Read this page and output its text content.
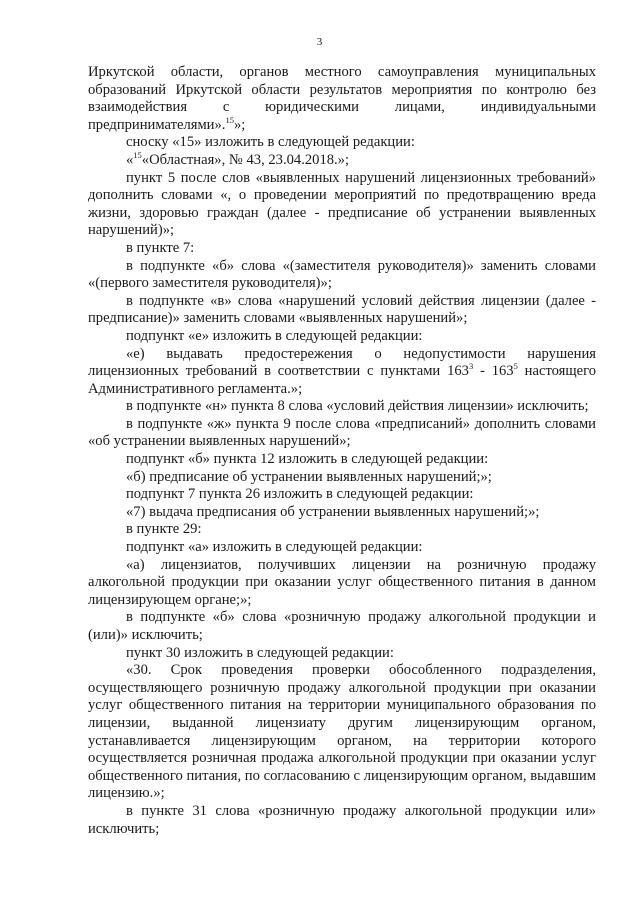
3

Иркутской области, органов местного самоуправления муниципальных образований Иркутской области результатов мероприятия по контролю без взаимодействия с юридическими лицами, индивидуальными предпринимателями».$^{15}$»;

сноску «15» изложить в следующей редакции:

«$^{15}$«Областная», № 43, 23.04.2018.»;

пункт 5 после слов «выявленных нарушений лицензионных требований» дополнить словами «, о проведении мероприятий по предотвращению вреда жизни, здоровью граждан (далее - предписание об устранении выявленных нарушений)»;

в пункте 7:

в подпункте «б» слова «(заместителя руководителя)» заменить словами «(первого заместителя руководителя)»;

в подпункте «в» слова «нарушений условий действия лицензии (далее - предписание)» заменить словами «выявленных нарушений»;

подпункт «е» изложить в следующей редакции:

«е) выдавать предостережения о недопустимости нарушения лицензионных требований в соответствии с пунктами $163^3 - 163^5$ настоящего Административного регламента.»;

в подпункте «н» пункта 8 слова «условий действия лицензии» исключить;

в подпункте «ж» пункта 9 после слова «предписаний» дополнить словами «об устранении выявленных нарушений»;

подпункт «б» пункта 12 изложить в следующей редакции:

«б) предписание об устранении выявленных нарушений;»;

подпункт 7 пункта 26 изложить в следующей редакции:

«7) выдача предписания об устранении выявленных нарушений;»;

в пункте 29:

подпункт «а» изложить в следующей редакции:

«а) лицензиатов, получивших лицензии на розничную продажу алкогольной продукции при оказании услуг общественного питания в данном лицензирующем органе;»;

в подпункте «б» слова «розничную продажу алкогольной продукции и (или)» исключить;

пункт 30 изложить в следующей редакции:

«30. Срок проведения проверки обособленного подразделения, осуществляющего розничную продажу алкогольной продукции при оказании услуг общественного питания на территории муниципального образования по лицензии, выданной лицензиату другим лицензирующим органом, устанавливается лицензирующим органом, на территории которого осуществляется розничная продажа алкогольной продукции при оказании услуг общественного питания, по согласованию с лицензирующим органом, выдавшим лицензию.»;

в пункте 31 слова «розничную продажу алкогольной продукции или» исключить;
